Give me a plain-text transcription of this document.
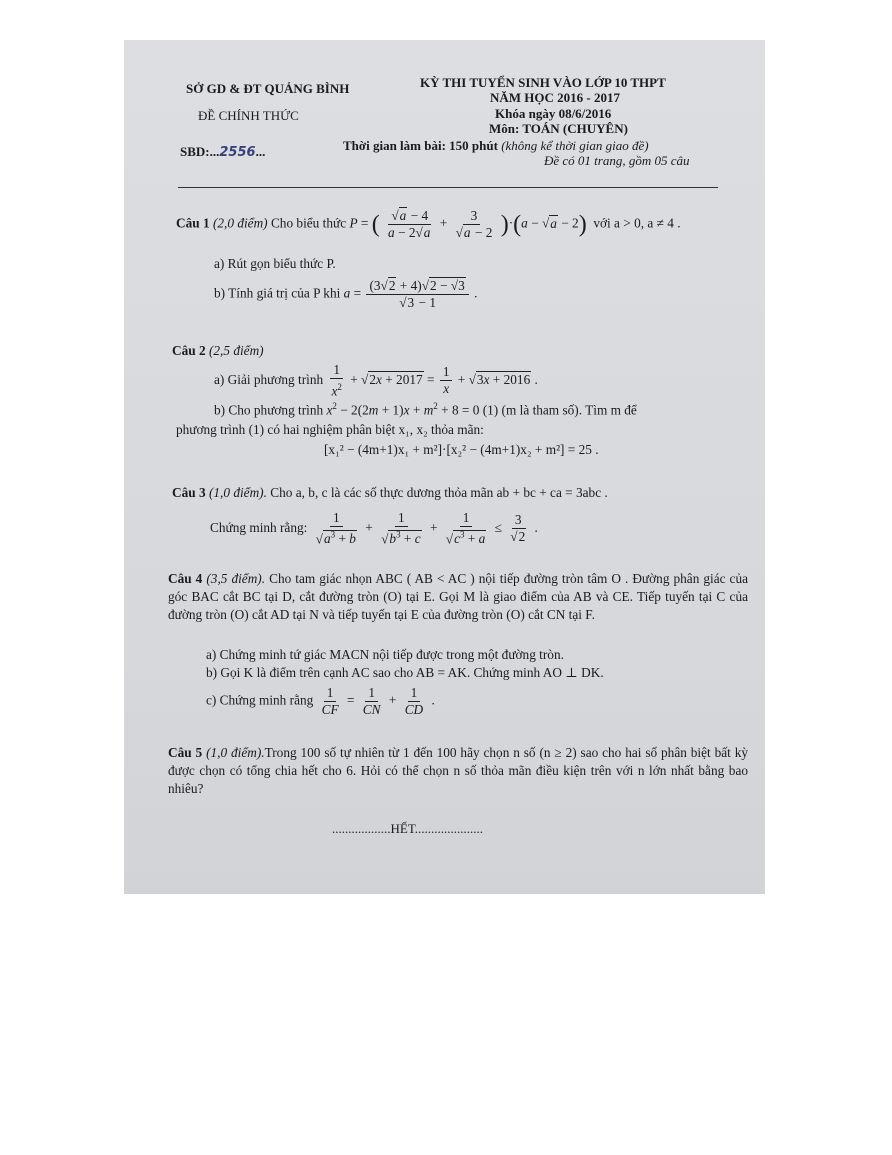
SỞ GD & ĐT QUẢNG BÌNH
ĐỀ CHÍNH THỨC
SBD:...2556...
KỲ THI TUYỂN SINH VÀO LỚP 10 THPT
NĂM HỌC 2016 - 2017
Khóa ngày 08/6/2016
Môn: TOÁN (CHUYÊN)
Thời gian làm bài: 150 phút (không kể thời gian giao đề)
Đề có 01 trang, gồm 05 câu
Câu 1 (2,0 điểm) Cho biểu thức P = ( $\frac{√a - 4}{a - 2√a} + \frac{3}{√a - 2} )\cdot(a - √a - 2)$ với a > 0, a ≠ 4 .
a) Rút gọn biểu thức P.
b) Tính giá trị của P khi $a = \frac{(3√2 + 4)√2 - √3}{√3 - 1}$ .
Câu 2 (2,5 điểm)
a) Giải phương trình $\frac{1}{x^2} + √2x + 2017 = \frac{1}{x} + √3x + 2016$ .
b) Cho phương trình $x^2 - 2(2m + 1)x + m^2 + 8 = 0$ (1) (m là tham số). Tìm m để
phương trình (1) có hai nghiệm phân biệt x₁, x₂ thỏa mãn:
[x₁² − (4m+1)x₁ + m²]·[x₂² − (4m+1)x₂ + m²] = 25 .
Câu 3 (1,0 điểm). Cho a, b, c là các số thực dương thỏa mãn ab + bc + ca = 3abc .
Chứng minh rằng: $\frac{1}{√a^3 + b} + \frac{1}{√b^3 + c} + \frac{1}{√c^3 + a} \le \frac{3}{√2}$ .
Câu 4 (3,5 điểm). Cho tam giác nhọn ABC ( AB < AC ) nội tiếp đường tròn tâm O . Đường phân giác của góc BAC cắt BC tại D, cắt đường tròn (O) tại E. Gọi M là giao điểm của AB và CE. Tiếp tuyến tại C của đường tròn (O) cắt AD tại N và tiếp tuyến tại E của đường tròn (O) cắt CN tại F.
a) Chứng minh tứ giác MACN nội tiếp được trong một đường tròn.
b) Gọi K là điểm trên cạnh AC sao cho AB = AK. Chứng minh AO ⊥ DK.
c) Chứng minh rằng $\frac{1}{CF} = \frac{1}{CN} + \frac{1}{CD}$ .
Câu 5 (1,0 điểm).Trong 100 số tự nhiên từ 1 đến 100 hãy chọn n số (n ≥ 2) sao cho hai số phân biệt bất kỳ được chọn có tổng chia hết cho 6. Hỏi có thể chọn n số thỏa mãn điều kiện trên với n lớn nhất bằng bao nhiêu?
..................HẾT.....................
